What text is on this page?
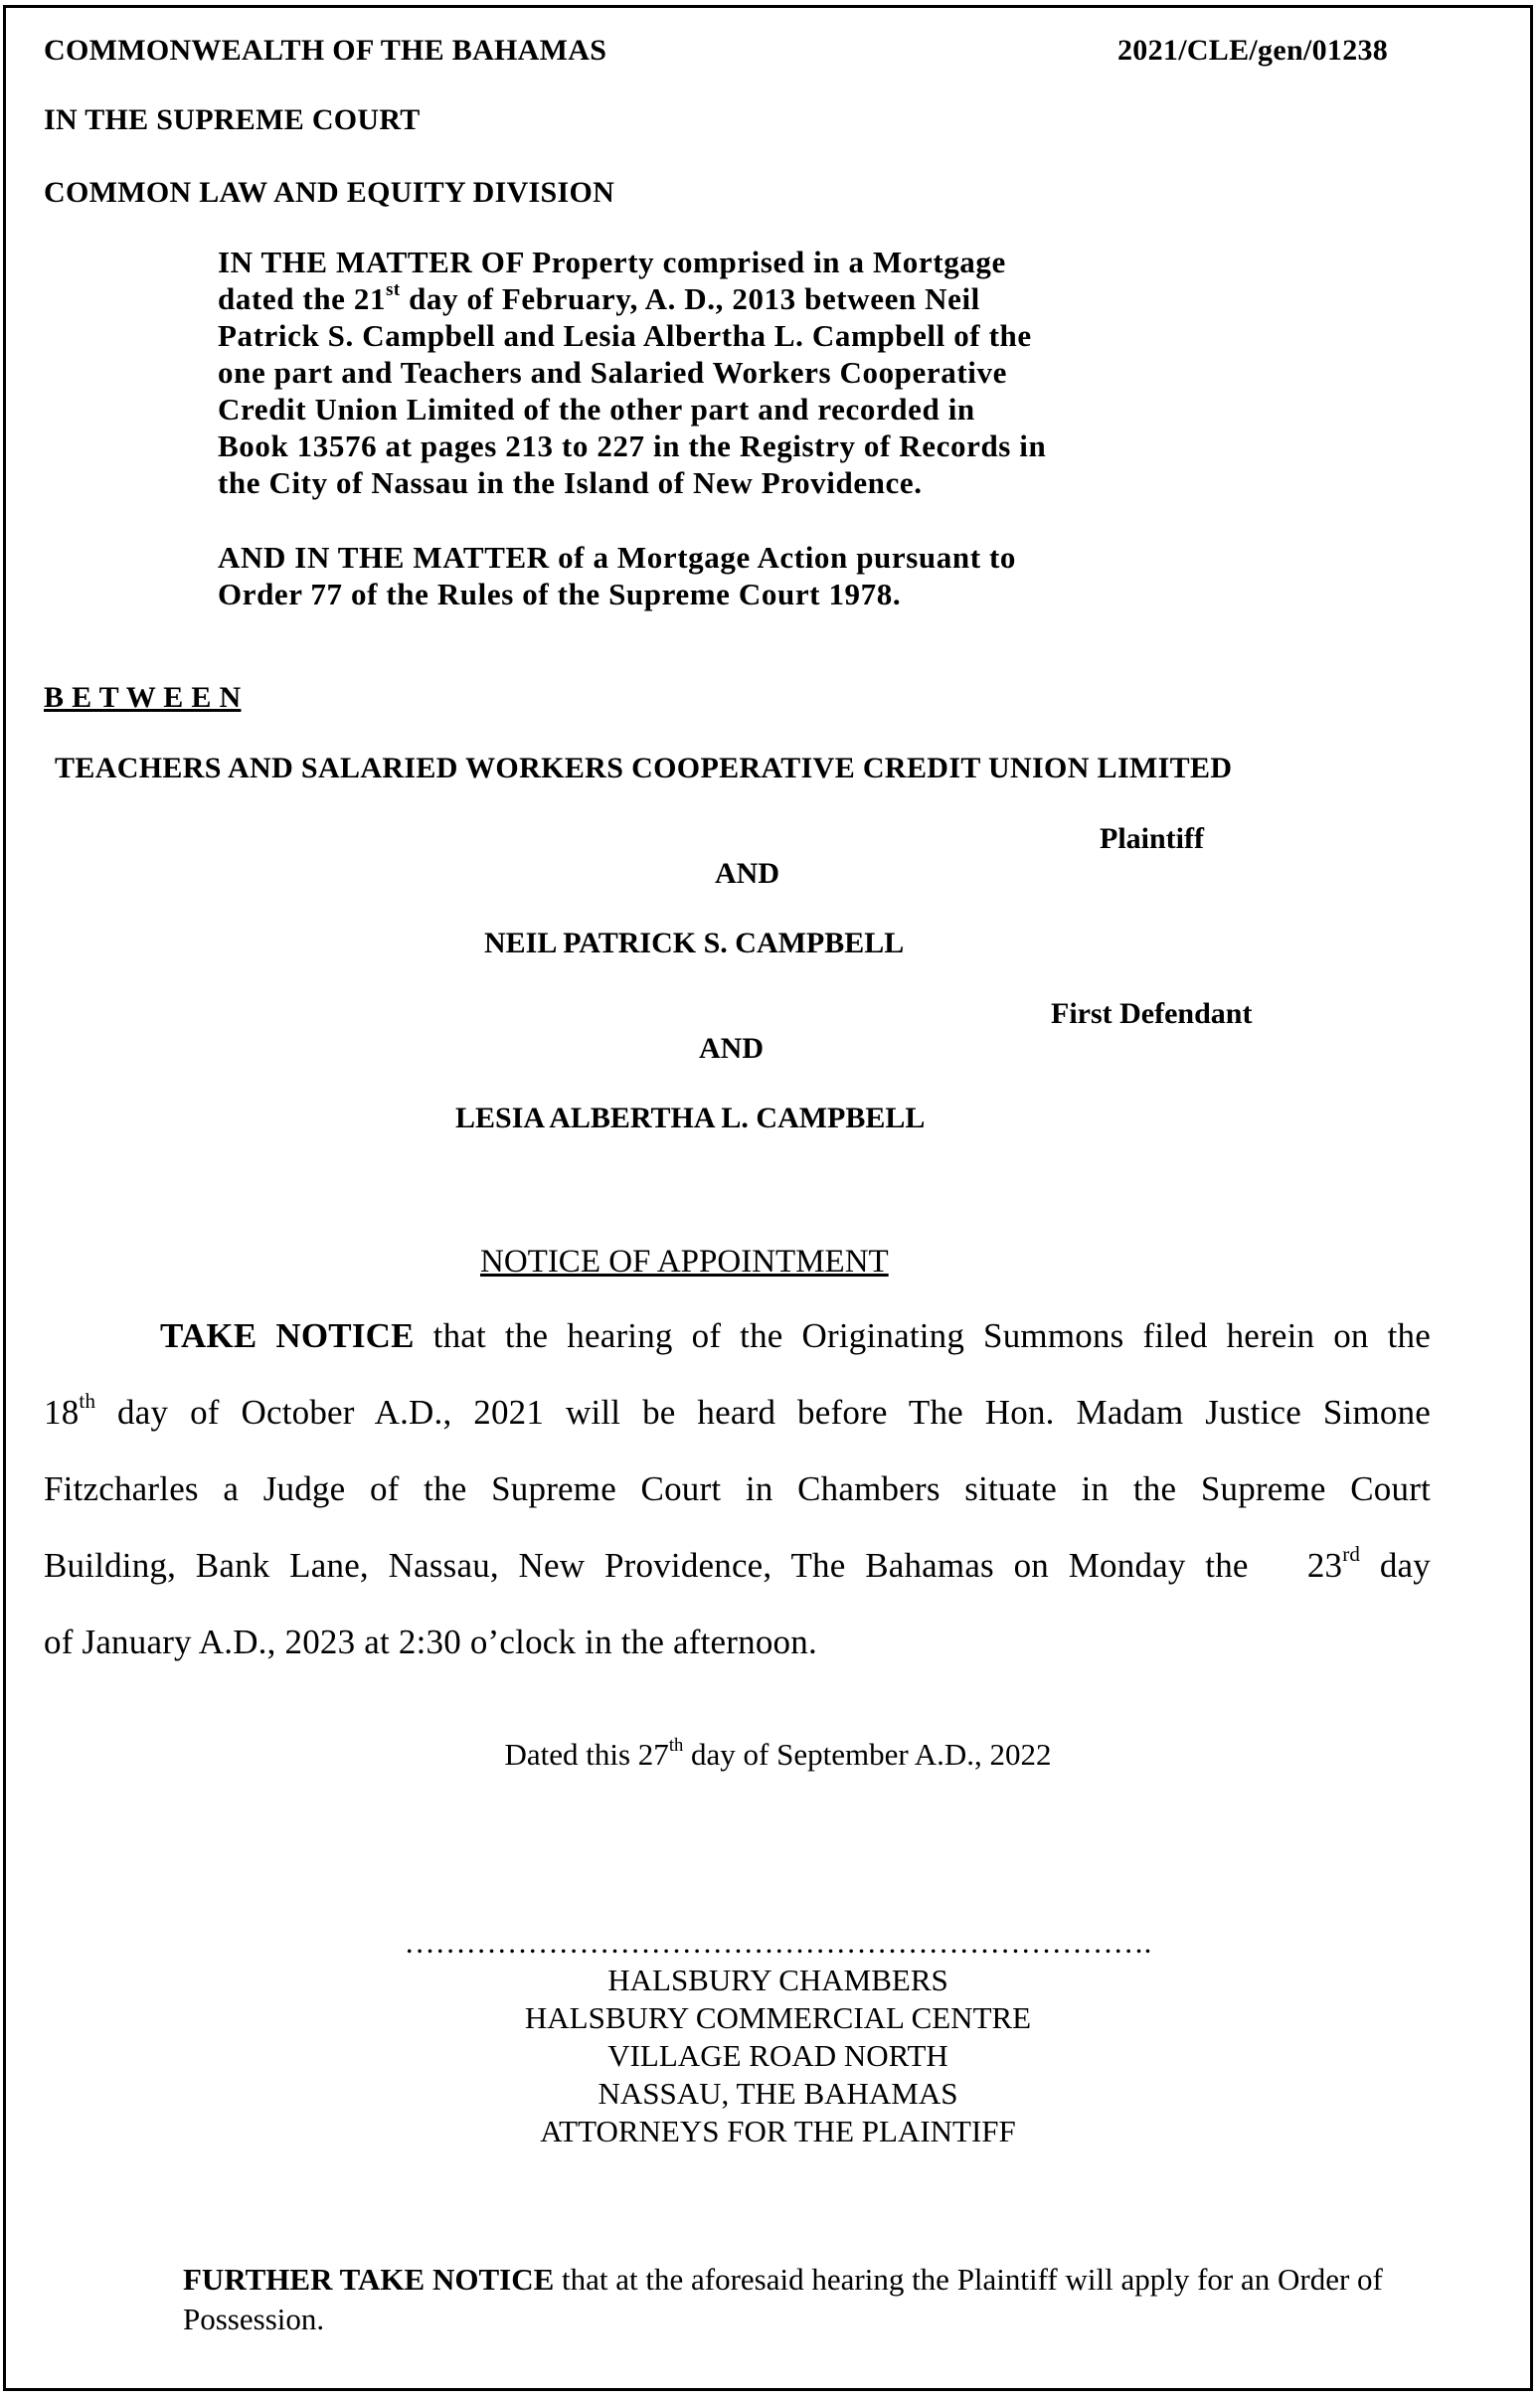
COMMONWEALTH OF THE BAHAMAS	2021/CLE/gen/01238
IN THE SUPREME COURT
COMMON LAW AND EQUITY DIVISION
IN THE MATTER OF Property comprised in a Mortgage
dated the 21st day of February, A. D., 2013 between Neil
Patrick S. Campbell and Lesia Albertha L. Campbell of the
one part and Teachers and Salaried Workers Cooperative
Credit Union Limited of the other part and recorded in
Book 13576 at pages 213 to 227 in the Registry of Records in
the City of Nassau in the Island of New Providence.
AND IN THE MATTER of a Mortgage Action pursuant to
Order 77 of the Rules of the Supreme Court 1978.
B E T W E E N
TEACHERS AND SALARIED WORKERS COOPERATIVE CREDIT UNION LIMITED
Plaintiff
AND
NEIL PATRICK S. CAMPBELL
First Defendant
AND
LESIA ALBERTHA L. CAMPBELL
NOTICE OF APPOINTMENT
TAKE NOTICE that the hearing of the Originating Summons filed herein on the
18th day of October A.D., 2021 will be heard before The Hon. Madam Justice Simone
Fitzcharles a Judge of the Supreme Court in Chambers situate in the Supreme Court
Building, Bank Lane, Nassau, New Providence, The Bahamas on Monday the   23rd day
of January A.D., 2023 at 2:30 o’clock in the afternoon.
Dated this 27th day of September A.D., 2022
……………………………………………………………….
HALSBURY CHAMBERS
HALSBURY COMMERCIAL CENTRE
VILLAGE ROAD NORTH
NASSAU, THE BAHAMAS
ATTORNEYS FOR THE PLAINTIFF
FURTHER TAKE NOTICE that at the aforesaid hearing the Plaintiff will apply for an Order of Possession.
